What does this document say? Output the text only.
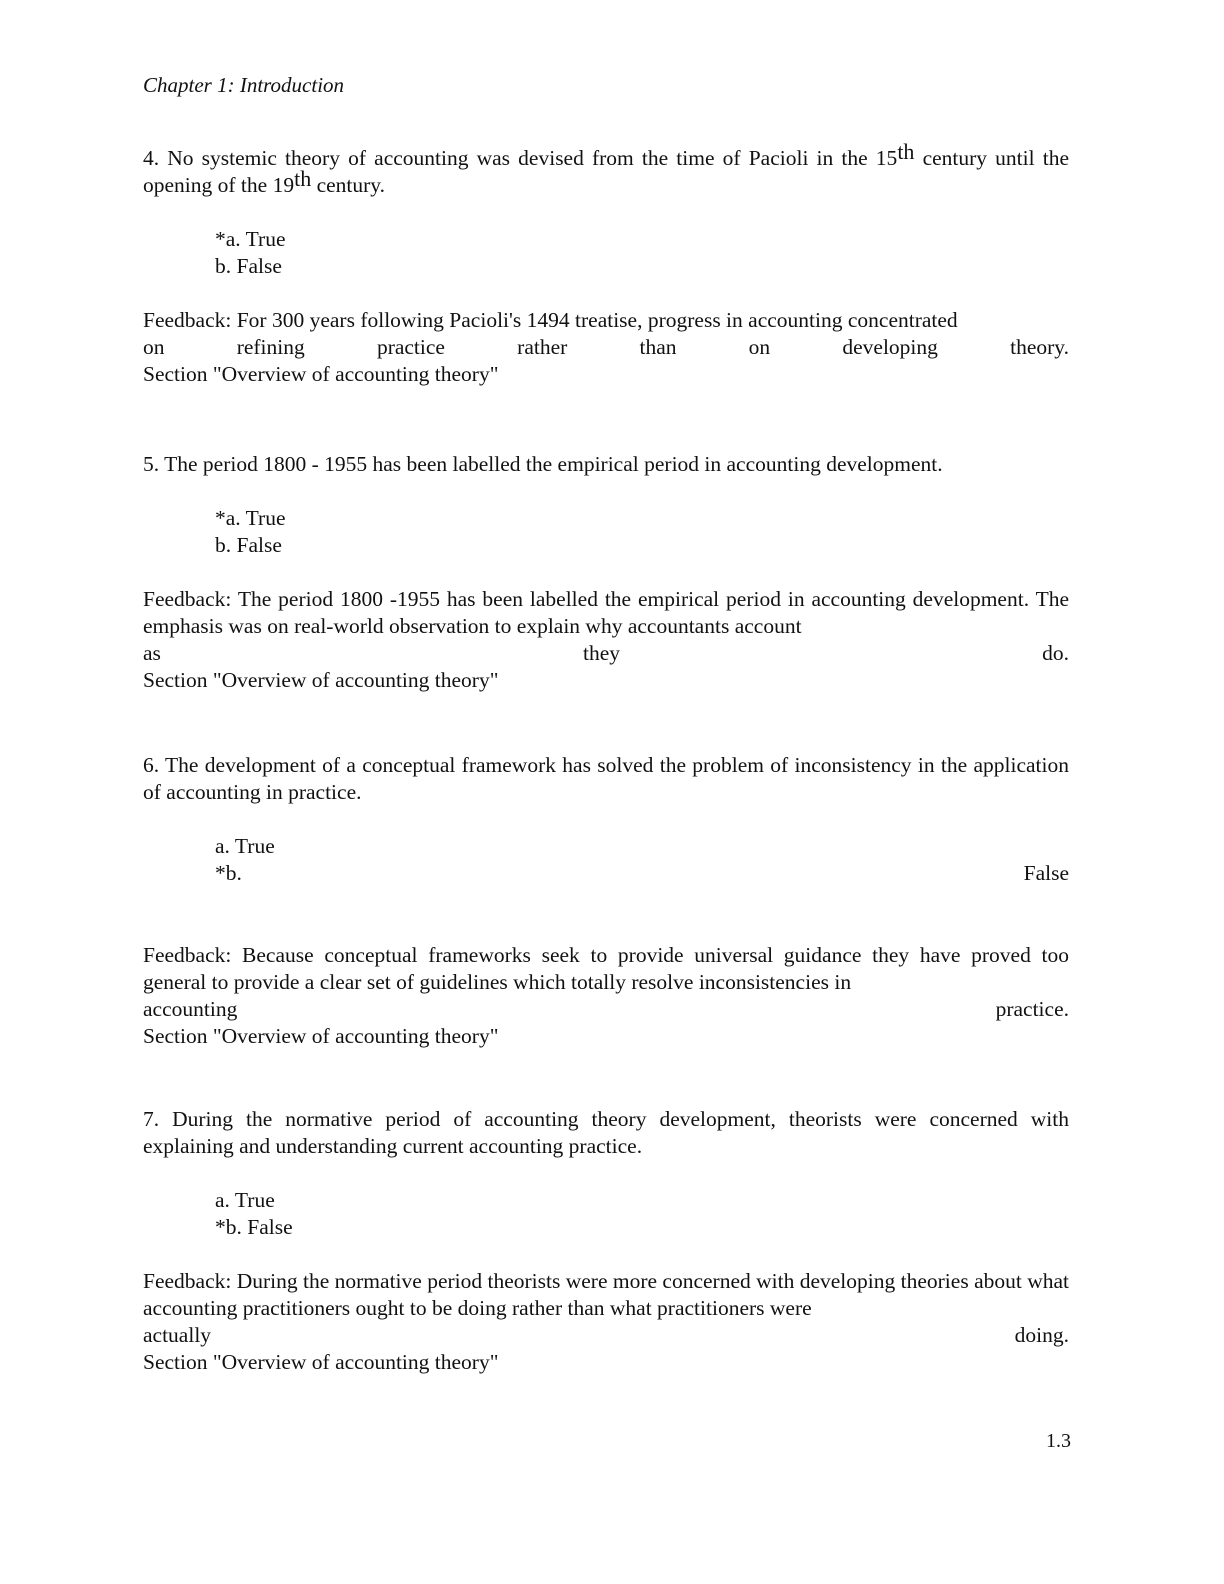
Chapter 1: Introduction

4. No systemic theory of accounting was devised from the time of Pacioli in the 15th century until the opening of the 19th century.

*a. True
b. False
Feedback: For 300 years following Pacioli's 1494 treatise, progress in accounting concentrated
on refining practice rather than on developing theory.
Section "Overview of accounting theory"

5. The period 1800 - 1955 has been labelled the empirical period in accounting development.

*a. True
b. False
Feedback: The period 1800 -1955 has been labelled the empirical period in accounting development. The emphasis was on real-world observation to explain why accountants account
as they do.
Section "Overview of accounting theory"

6. The development of a conceptual framework has solved the problem of inconsistency in the application of accounting in practice.

a. True
*b. False
Feedback: Because conceptual frameworks seek to provide universal guidance they have proved too general to provide a clear set of guidelines which totally resolve inconsistencies in
accounting practice.
Section "Overview of accounting theory"

7. During the normative period of accounting theory development, theorists were concerned with explaining and understanding current accounting practice.

a. True
*b. False
Feedback: During the normative period theorists were more concerned with developing theories about what accounting practitioners ought to be doing rather than what practitioners were
actually doing.
Section "Overview of accounting theory"
1.3
